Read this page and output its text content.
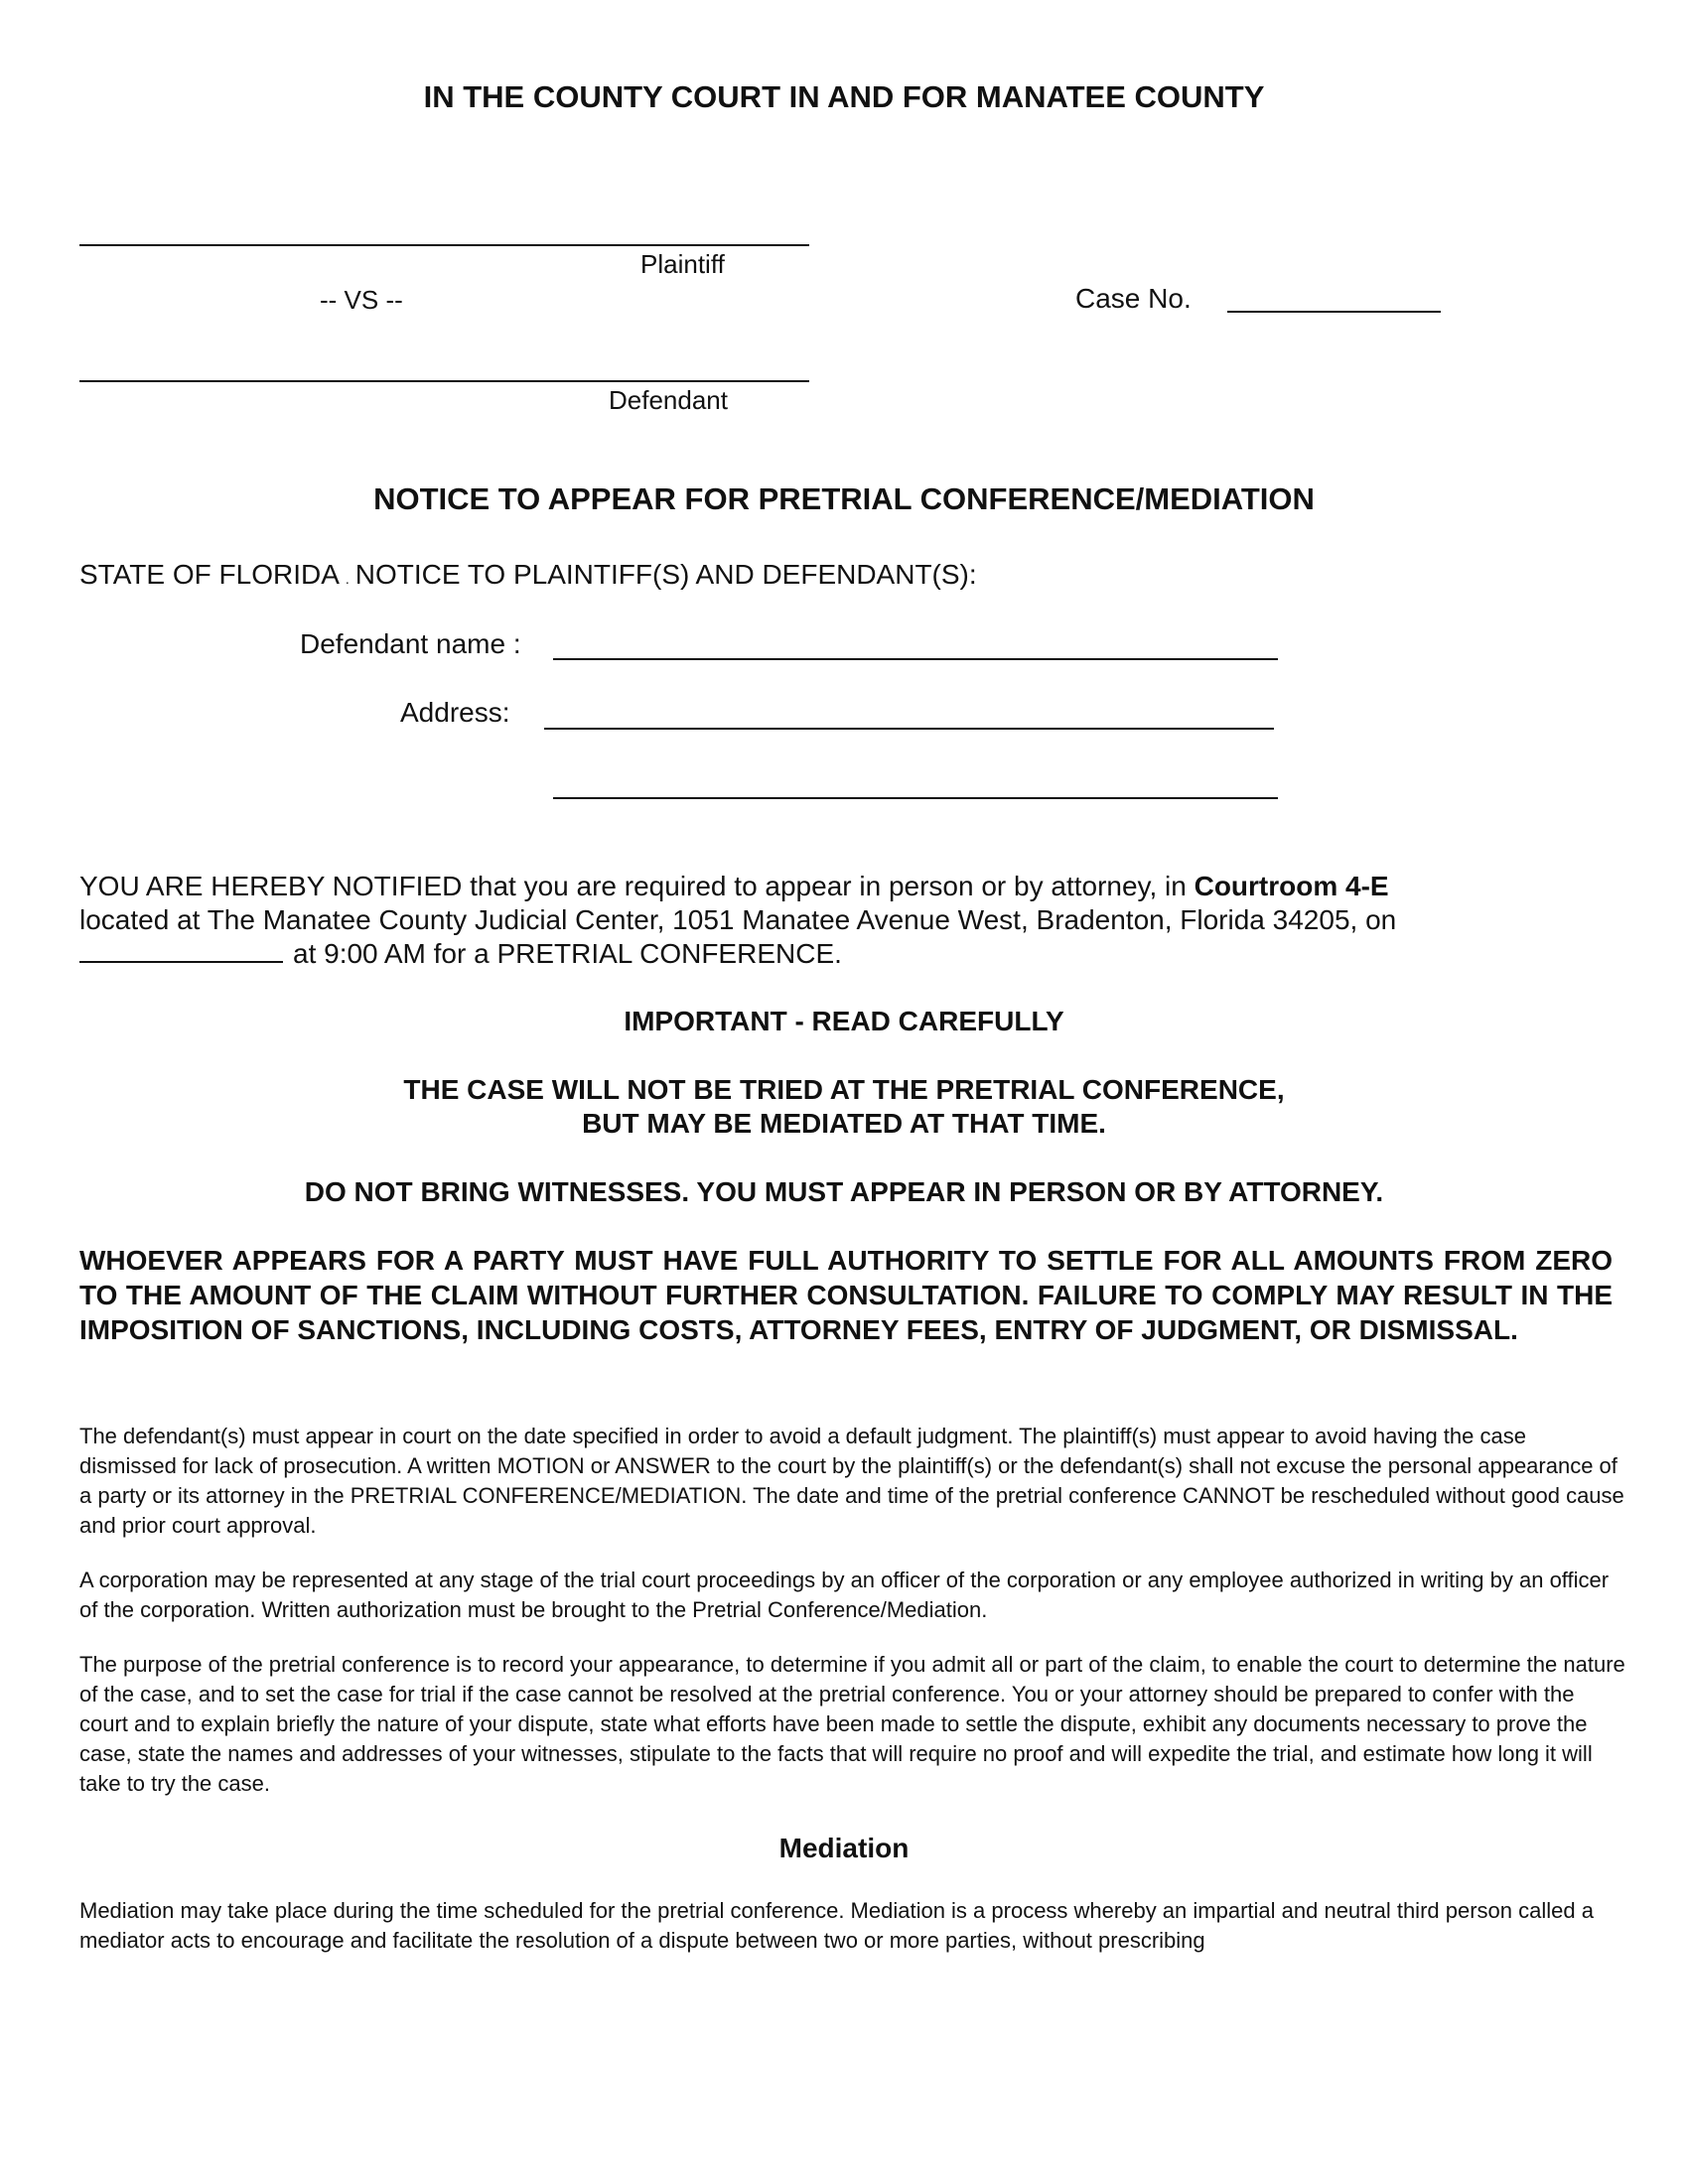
IN THE COUNTY COURT IN AND FOR MANATEE COUNTY
Plaintiff
-- VS --	Case No.
Defendant
NOTICE TO APPEAR FOR PRETRIAL CONFERENCE/MEDIATION
STATE OF FLORIDA . NOTICE TO PLAINTIFF(S) AND DEFENDANT(S):
Defendant name :
Address:
YOU ARE HEREBY NOTIFIED that you are required to appear in person or by attorney, in Courtroom 4-E
located at The Manatee County Judicial Center, 1051 Manatee Avenue West, Bradenton, Florida 34205, on
at 9:00 AM for a PRETRIAL CONFERENCE.
IMPORTANT - READ CAREFULLY
THE CASE WILL NOT BE TRIED AT THE PRETRIAL CONFERENCE,
BUT MAY BE MEDIATED AT THAT TIME.
DO NOT BRING WITNESSES. YOU MUST APPEAR IN PERSON OR BY ATTORNEY.
WHOEVER APPEARS FOR A PARTY MUST HAVE FULL AUTHORITY TO SETTLE FOR ALL AMOUNTS FROM ZERO TO THE AMOUNT OF THE CLAIM WITHOUT FURTHER CONSULTATION. FAILURE TO COMPLY MAY RESULT IN THE IMPOSITION OF SANCTIONS, INCLUDING COSTS, ATTORNEY FEES, ENTRY OF JUDGMENT, OR DISMISSAL.
The defendant(s) must appear in court on the date specified in order to avoid a default judgment. The plaintiff(s) must appear to avoid having the case dismissed for lack of prosecution. A written MOTION or ANSWER to the court by the plaintiff(s) or the defendant(s) shall not excuse the personal appearance of a party or its attorney in the PRETRIAL CONFERENCE/MEDIATION. The date and time of the pretrial conference CANNOT be rescheduled without good cause and prior court approval.
A corporation may be represented at any stage of the trial court proceedings by an officer of the corporation or any employee authorized in writing by an officer of the corporation. Written authorization must be brought to the Pretrial Conference/Mediation.
The purpose of the pretrial conference is to record your appearance, to determine if you admit all or part of the claim, to enable the court to determine the nature of the case, and to set the case for trial if the case cannot be resolved at the pretrial conference. You or your attorney should be prepared to confer with the court and to explain briefly the nature of your dispute, state what efforts have been made to settle the dispute, exhibit any documents necessary to prove the case, state the names and addresses of your witnesses, stipulate to the facts that will require no proof and will expedite the trial, and estimate how long it will take to try the case.
Mediation
Mediation may take place during the time scheduled for the pretrial conference. Mediation is a process whereby an impartial and neutral third person called a mediator acts to encourage and facilitate the resolution of a dispute between two or more parties, without prescribing
